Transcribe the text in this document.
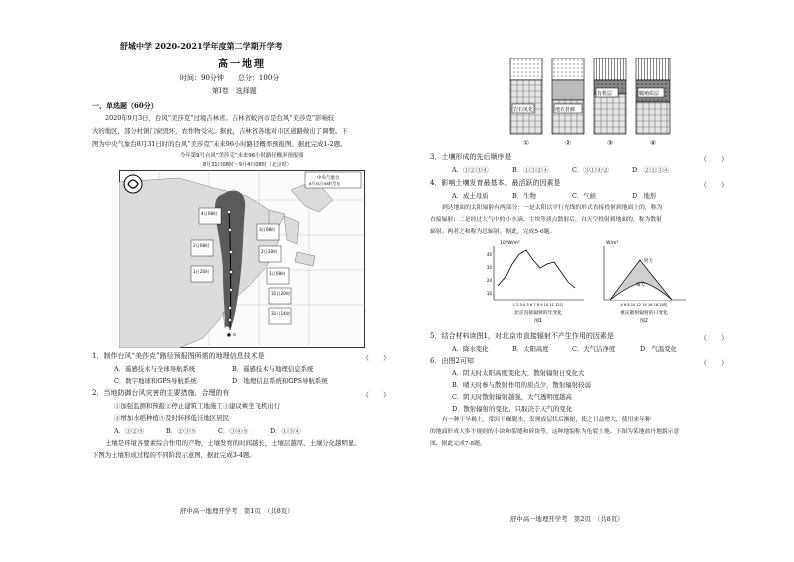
舒城中学 2020-2021学年度第二学期开学考
高一地理
时间：90分钟　　总分：100分
第Ⅰ卷　选择题
一、单选题（60分）
2020年9月3日，台风“美莎克”过境吉林省。吉林省蛟河市是台风“美莎克”影响较
大的地区，部分村镇门窗毁坏，农作物受灾。据此，吉林省各地对市区道路做出了调整。下
图为中央气象台8月31日时的台风“美莎克”未来96小时路径概率预报图。据此完成1-2题。
今年第9号台风“美莎克”未来96小时路径概率预报图
8月31日08时～9月4日08时（北京时）
● ⊙
4日08时
3日08时
2日20时
2日08时
1日20时	1日08时
31日20时
31日14时
中央气象台
8月31日08时发布
1．制作台风“美莎克”路径预报图所需的地理信息技术是	（　　）
A．遥感技术与全球导航系统	B．遥感技术与地理信息系统
C．数字地球和GPS导航系统	D．地理信息系统和GPS导航系统
2．当地防御台风灾害的主要措施，合理的有	（　　）
①加强监测和预报②停止建筑工地施工③建议乘坐飞机出行
④增加水稻种植⑤及时转移低洼地区居民
A．①②⑤	B．②③⑤	C．③④⑤	D．①③④
土壤是环境各要素综合作用的产物，土壤发育的时间越长，土壤层越厚，土壤分化越明显。
下图为土壤形成过程的不同阶段示意图，据此完成3-4题。
舒中高一地理开学考　第1页　（共8页）
岩石风化	地衣苔藓
有机层	腐殖质层
①	②	③	④
3．土壤形成的先后顺序是	（　　）
A．①②③④	B．①③②④	C．③①④②	D．②①③④
4．影响土壤发育最基本、最活跃的因素是	（　　）
A．成土母质	B．生物	C．气候	D．地形
到达地面的太阳辐射有两部分：一是太阳以平行光线的形式直接投射到地面上的，称为
直接辐射；二是经过大气中的小水滴、尘埃等质点散射后，自天空投射到地面的，称为散射
辐射。两者之和称为总辐射。据此，完成5-6题。
10⁶W/m²
40
30
20
10
1 2 3 4 5 6 7 8 9 10 11 12月
北京直接辐射的年变化
图1
W/m²
阴天
晴天
4 6 8 10 12 14 16 18 20时
重庆散射辐射的日变化
图2
5．结合材料读图1，对北京市直接辐射不产生作用的因素是	（　　）
A．降水变化	B．太阳高度	C．大气洁净度	D．气温变化
6．由图2可知	（　　）
A．阴天时太阳高度变化大，散射辐射日变化大
B．晴天时参与散射作用的质点少，散射辐射较弱
C．阴天时散射辐射越强，大气透明度越高
D．散射辐射的变化，只取决于天气的变化
有一种干旱褐土，常因干燥脱水，发现成层状后渐缩，使之日益增大，使用来年种
的地面形成大多不规则的小块和裂缝和碎块等，这种地貌称为龟裂土地。下图为某地盐丹地貌示意
图，据此完成7-8题。
舒中高一地理开学考　第2页　（共8页）
